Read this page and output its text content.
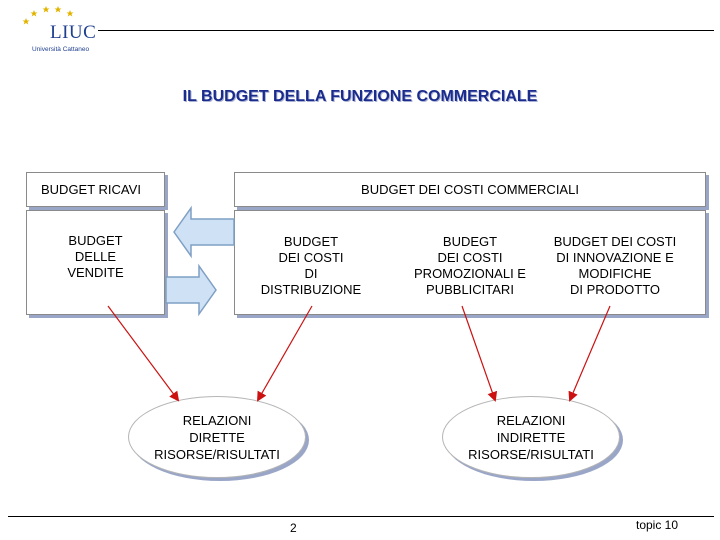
LIUC
Università Cattaneo
IL BUDGET DELLA FUNZIONE COMMERCIALE
BUDGET RICAVI
BUDGET
DELLE
VENDITE
BUDGET DEI COSTI COMMERCIALI
BUDGET
DEI COSTI
DI
DISTRIBUZIONE
BUDEGT
DEI COSTI
PROMOZIONALI E
PUBBLICITARI
BUDGET DEI COSTI
DI INNOVAZIONE E
MODIFICHE
DI PRODOTTO
RELAZIONI
DIRETTE
RISORSE/RISULTATI
RELAZIONI
INDIRETTE
RISORSE/RISULTATI
2	topic 10
